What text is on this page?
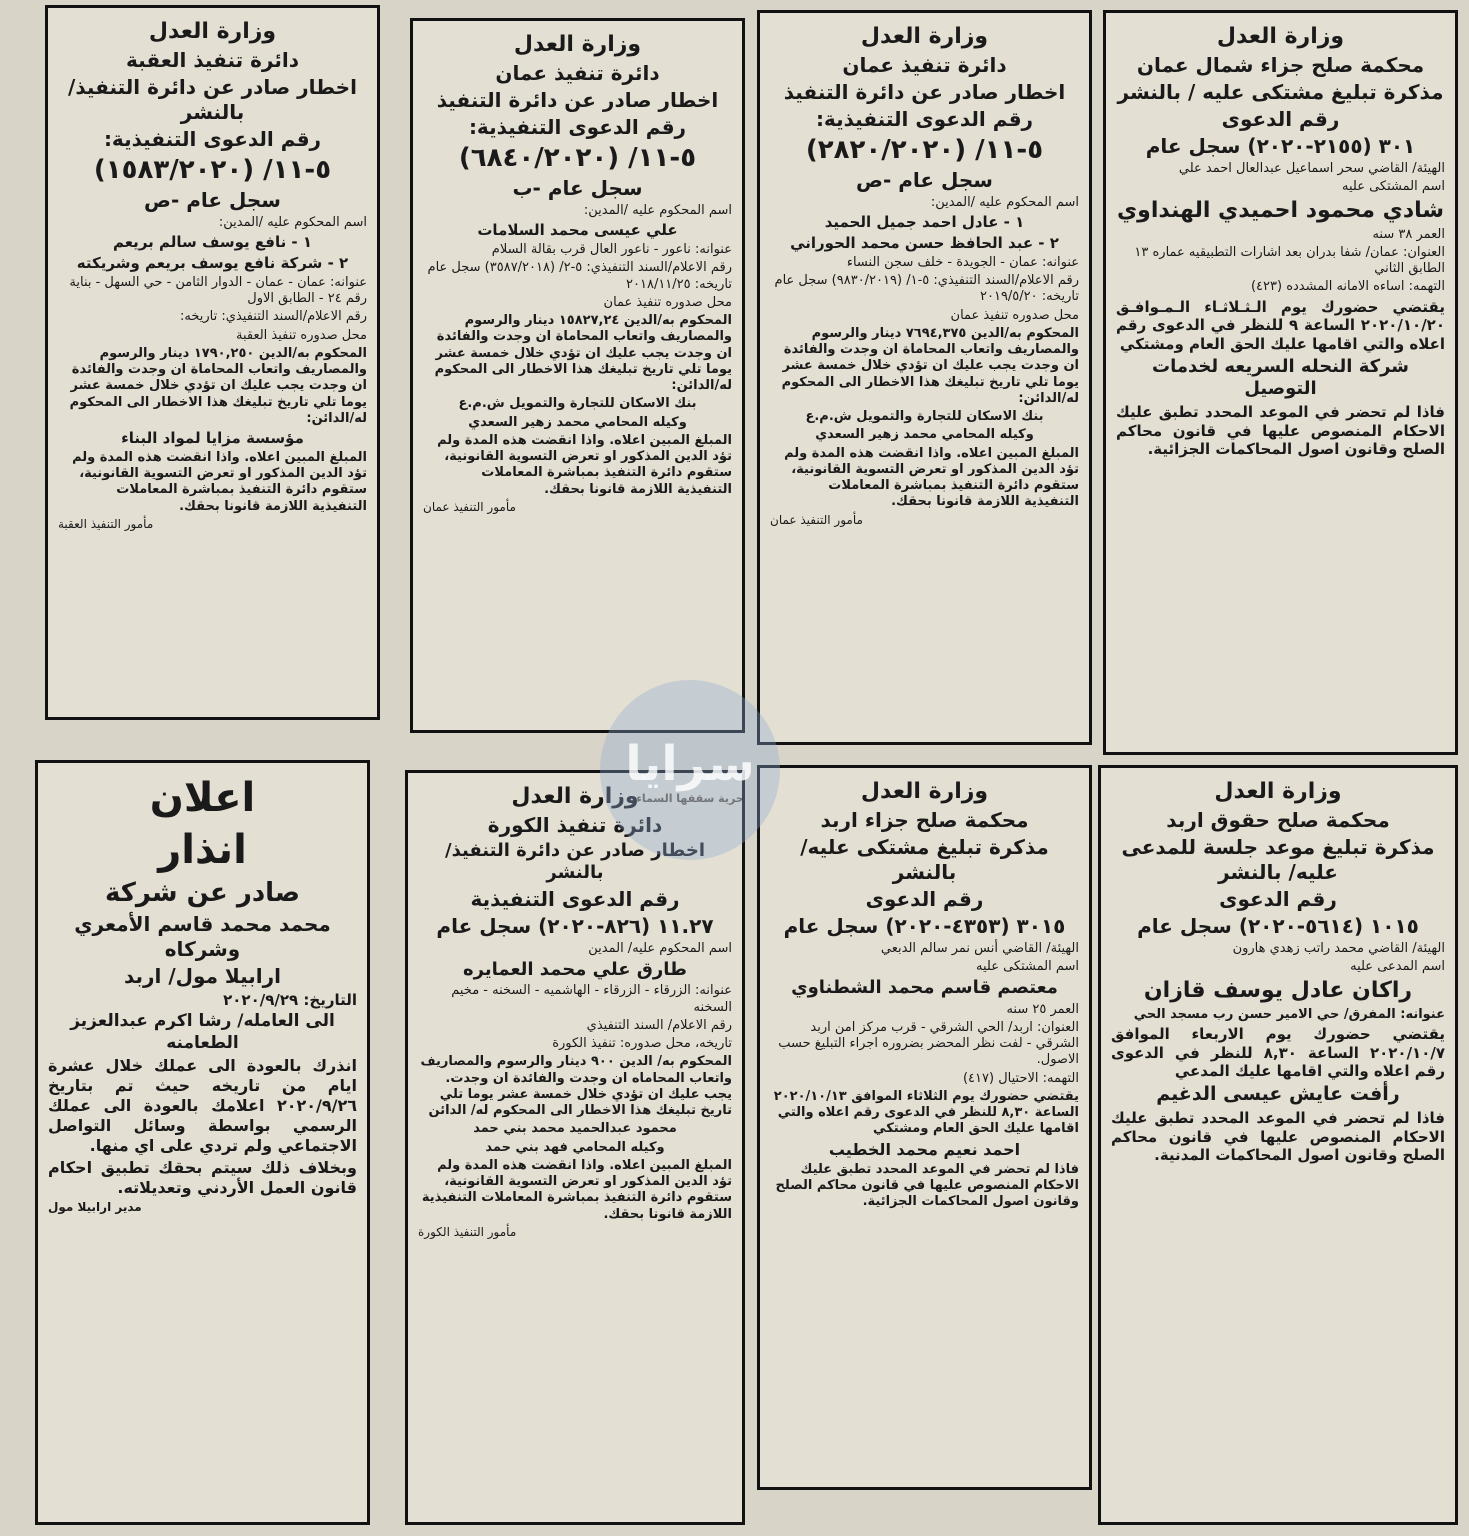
وزارة العدل
محكمة صلح جزاء شمال عمان
مذكرة تبليغ مشتكى عليه / بالنشر
رقم الدعوى
٣٠١ (٢١٥٥-٢٠٢٠) سجل عام
الهيئة/ القاضي سحر اسماعيل عبدالعال احمد علي
اسم المشتكى عليه
شادي محمود احميدي الهنداوي
العمر ٣٨ سنه
العنوان: عمان/ شفا بدران بعد اشارات التطبيقيه عماره ١٣ الطابق الثاني
التهمه: اساءه الامانه المشدده (٤٢٣)
يقتضي حضورك يوم الـثـلاثـاء الـمـوافـق ٢٠٢٠/١٠/٢٠ الساعة ٩ للنظر في الدعوى رقم اعلاه والتي اقامها عليك الحق العام ومشتكي
شركة النحله السريعه لخدمات التوصيل
فاذا لم تحضر في الموعد المحدد تطبق عليك الاحكام المنصوص عليها في قانون محاكم الصلح وقانون اصول المحاكمات الجزائية.
وزارة العدل
دائرة تنفيذ عمان
اخطار صادر عن دائرة التنفيذ
رقم الدعوى التنفيذية:
٥-١١/ (٢٨٢٠/٢٠٢٠)
سجل عام -ص
اسم المحكوم عليه /المدين:
١ - عادل احمد جميل الحميد
٢ - عبد الحافظ حسن محمد الحوراني
عنوانه: عمان - الجويدة - خلف سجن النساء
رقم الاعلام/السند التنفيذي: ٥-١/ (٩٨٣٠/٢٠١٩) سجل عام تاريخه: ٢٠١٩/٥/٢٠
محل صدوره تنفيذ عمان
المحكوم به/الدين ٧٦٩٤,٣٧٥ دينار والرسوم والمصاريف واتعاب المحاماة ان وجدت والفائدة ان وجدت يجب عليك ان تؤدي خلال خمسة عشر يوما تلي تاريخ تبليغك هذا الاخطار الى المحكوم له/الدائن:
بنك الاسكان للتجارة والتمويل ش.م.ع
وكيله المحامي محمد زهير السعدي
المبلغ المبين اعلاه. واذا انقضت هذه المدة ولم تؤد الدين المذكور او تعرض التسوية القانونية، ستقوم دائرة التنفيذ بمباشرة المعاملات التنفيذية اللازمة قانونا بحقك.
مأمور التنفيذ عمان
وزارة العدل
دائرة تنفيذ عمان
اخطار صادر عن دائرة التنفيذ
رقم الدعوى التنفيذية:
٥-١١/ (٦٨٤٠/٢٠٢٠)
سجل عام -ب
اسم المحكوم عليه /المدين:
علي عيسى محمد السلامات
عنوانه: ناعور - ناعور العال قرب بقالة السلام
رقم الاعلام/السند التنفيذي: ٥-٢/ (٣٥٨٧/٢٠١٨) سجل عام تاريخه: ٢٠١٨/١١/٢٥
محل صدوره تنفيذ عمان
المحكوم به/الدين ١٥٨٢٧,٢٤ دينار والرسوم والمصاريف واتعاب المحاماة ان وجدت والفائدة ان وجدت يجب عليك ان تؤدي خلال خمسة عشر يوما تلي تاريخ تبليغك هذا الاخطار الى المحكوم له/الدائن:
بنك الاسكان للتجارة والتمويل ش.م.ع
وكيله المحامي محمد زهير السعدي
المبلغ المبين اعلاه. واذا انقضت هذه المدة ولم تؤد الدين المذكور او تعرض التسوية القانونية، ستقوم دائرة التنفيذ بمباشرة المعاملات التنفيذية اللازمة قانونا بحقك.
مأمور التنفيذ عمان
وزارة العدل
دائرة تنفيذ العقبة
اخطار صادر عن دائرة التنفيذ/بالنشر
رقم الدعوى التنفيذية:
٥-١١/ (١٥٨٣/٢٠٢٠)
سجل عام -ص
اسم المحكوم عليه /المدين:
١ - نافع يوسف سالم بريعم
٢ - شركة نافع يوسف بريعم وشريكته
عنوانه: عمان - عمان - الدوار الثامن - حي السهل - بناية رقم ٢٤ - الطابق الاول
رقم الاعلام/السند التنفيذي: تاريخه:
محل صدوره تنفيذ العقبة
المحكوم به/الدين ١٧٩٠,٢٥٠ دينار والرسوم والمصاريف واتعاب المحاماة ان وجدت والفائدة ان وجدت يجب عليك ان تؤدي خلال خمسة عشر يوما تلي تاريخ تبليغك هذا الاخطار الى المحكوم له/الدائن:
مؤسسة مزايا لمواد البناء
المبلغ المبين اعلاه. واذا انقضت هذه المدة ولم تؤد الدين المذكور او تعرض التسوية القانونية، ستقوم دائرة التنفيذ بمباشرة المعاملات التنفيذية اللازمة قانونا بحقك.
مأمور التنفيذ العقبة
وزارة العدل
محكمة صلح حقوق اربد
مذكرة تبليغ موعد جلسة للمدعى عليه/ بالنشر
رقم الدعوى
١٠١٥ (٥٦١٤-٢٠٢٠) سجل عام
الهيئة/ القاضي محمد راتب زهدي هارون
اسم المدعى عليه
راكان عادل يوسف قازان
عنوانه: المفرق/ حي الامير حسن رب مسجد الحي
يقتضي حضورك يوم الاربعاء الموافق ٢٠٢٠/١٠/٧ الساعة ٨,٣٠ للنظر في الدعوى رقم اعلاه والتي اقامها عليك المدعي
رأفت عايش عيسى الدغيم
فاذا لم تحضر في الموعد المحدد تطبق عليك الاحكام المنصوص عليها في قانون محاكم الصلح وقانون اصول المحاكمات المدنية.
وزارة العدل
محكمة صلح جزاء اربد
مذكرة تبليغ مشتكى عليه/ بالنشر
رقم الدعوى
٣٠١٥ (٤٣٥٣-٢٠٢٠) سجل عام
الهيئة/ القاضي أنس نمر سالم الدبعي
اسم المشتكى عليه
معتصم قاسم محمد الشطناوي
العمر ٢٥ سنه
العنوان: اربد/ الحي الشرقي - قرب مركز امن اربد الشرقي - لفت نظر المحضر بضروره اجراء التبليغ حسب الاصول.
التهمه: الاحتيال (٤١٧)
يقتضي حضورك يوم الثلاثاء الموافق ٢٠٢٠/١٠/١٣ الساعة ٨,٣٠ للنظر في الدعوى رقم اعلاه والتي اقامها عليك الحق العام ومشتكي
احمد نعيم محمد الخطيب
فاذا لم تحضر في الموعد المحدد تطبق عليك الاحكام المنصوص عليها في قانون محاكم الصلح وقانون اصول المحاكمات الجزائية.
وزارة العدل
دائرة تنفيذ الكورة
اخطار صادر عن دائرة التنفيذ/بالنشر
رقم الدعوى التنفيذية
١١.٢٧ (٨٢٦-٢٠٢٠) سجل عام
اسم المحكوم عليه/ المدين
طارق علي محمد العمايره
عنوانه: الزرقاء - الزرقاء - الهاشميه - السخنه - مخيم السخنه
رقم الاعلام/ السند التنفيذي
تاريخه، محل صدوره: تنفيذ الكورة
المحكوم به/ الدين ٩٠٠ دينار والرسوم والمصاريف واتعاب المحاماه ان وجدت والفائدة ان وجدت. يجب عليك ان تؤدي خلال خمسة عشر يوما تلي تاريخ تبليغك هذا الاخطار الى المحكوم له/ الدائن
محمود عبدالحميد محمد بني حمد
وكيله المحامي فهد بني حمد
المبلغ المبين اعلاه. واذا انقضت هذه المدة ولم تؤد الدين المذكور او تعرض التسوية القانونية، ستقوم دائرة التنفيذ بمباشرة المعاملات التنفيذية اللازمة قانونا بحقك.
مأمور التنفيذ الكورة
اعلان
انذار
صادر عن شركة
محمد محمد قاسم الأمعري وشركاه
ارابيلا مول/ اربد
التاريخ: ٢٠٢٠/٩/٢٩
الى العامله/ رشا اكرم عبدالعزيز الطعامنه
انذرك بالعودة الى عملك خلال عشرة ايام من تاريخه حيث تم بتاريخ ٢٠٢٠/٩/٢٦ اعلامك بالعودة الى عملك الرسمي بواسطة وسائل التواصل الاجتماعي ولم تردي على اي منها.
وبخلاف ذلك سيتم بحقك تطبيق احكام قانون العمل الأردني وتعديلاته.
مدير ارابيلا مول
سرايا
حرية سقفها السماء
